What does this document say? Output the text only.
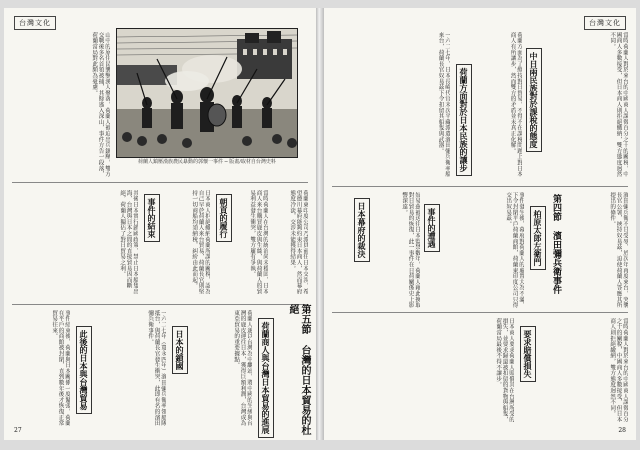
台灣文化
荷蘭人鎮壓漢族農民暴動的郭懷一事件 ─ 版畫/取材自台灣史料
山中的原住民襲擊漢人聚落，荷蘭人被迫出兵鎮壓，雙方交戰後多名首領被捕，其餘逃入深山，事件方告一段落，荷蘭當局對此頗為憂慮。
當時荷蘭人在台灣的統治尚未穩固，日本商人來台購買鹿皮與生絲，與荷蘭人的貿易利益發生衝突，雙方屢有爭執。
朝貢的履行
日本商人拒絕繳納荷蘭所課的關稅，認為自己早於荷蘭人來台貿易，荷蘭長官則堅持一切商船均須納稅，糾紛由此而起。	荷蘭東印度公司乃派員前往日本交涉，希望德川幕府能夠約束日本商人，然而幕府態度冷淡，交涉未能獲得結果。
事件的結束
其後日本實行鎖國政策，禁止日本船隻出海，台灣與日本之間的直接貿易因而斷絕，荷蘭人獨佔了對日貿易之利。
第五節 台灣的日本貿易的杜絕
荷蘭商人與台灣日本貿易的進展
荷蘭人遂以台灣為中繼站，將中國的生絲與台灣的鹿皮運往日本，獲得巨額利潤，台灣成為東亞貿易的重要據點。
日本的鎖國
一六二七年（寬永四年）濱田彌兵衛率領船隊抵台，與荷蘭長官發生衝突，此即有名的濱田彌兵衛事件。
此後的日本與台灣貿易
事件結束後，荷蘭與日本關係一度緊張，荷蘭在平戶的商館被封閉，直到數年後才恢復正常貿易往來。
27
台灣文化
當時荷蘭人對於來台的中國商人課徵百分之十的關稅，中國商人多數接受，但日本商人則拒絕繳納，雙方態度迥然不同。
中日兩民族對於課稅的態度
荷蘭方面為了維持對日貿易，不得不在課稅問題上對日本商人有所讓步，然而雙方的矛盾並未真正化解。
荷蘭方面對於日本民族的讓步
一六二七年，日本長崎代官末次平藏派遣濱田彌兵衛率船來台，荷蘭長官奴易茲下令扣留其船隻與武器。
濱田彌兵衛不甘受辱，於次年再度來台，突襲長官公署，挾持奴易茲，迫使荷蘭人答應其所提出的條件。
第四節 濱田彌兵衛事件
柏原太郎左衛門
事件發生後，幕府對荷蘭人的處置大為不滿，下令封閉平戶荷蘭商館，荷蘭東印度公司只得交出奴易茲。
事件的遭遇
日本幕府的裁決	奴易茲被送往日本監禁數年，荷蘭人藉此換取對日貿易的恢復，此一事件在日荷關係史上影響深遠。
要求賠償損失
日本商人要求荷蘭人賠償其在台灣所受的損失，並要求歸還被扣留的貨物與船隻，荷蘭當局最後不得不讓步。	當時荷蘭人對於來台的中國商人課徵百分之十的關稅，中國商人多數接受，但日本商人則拒絕繳納，雙方態度迥然不同。
28
